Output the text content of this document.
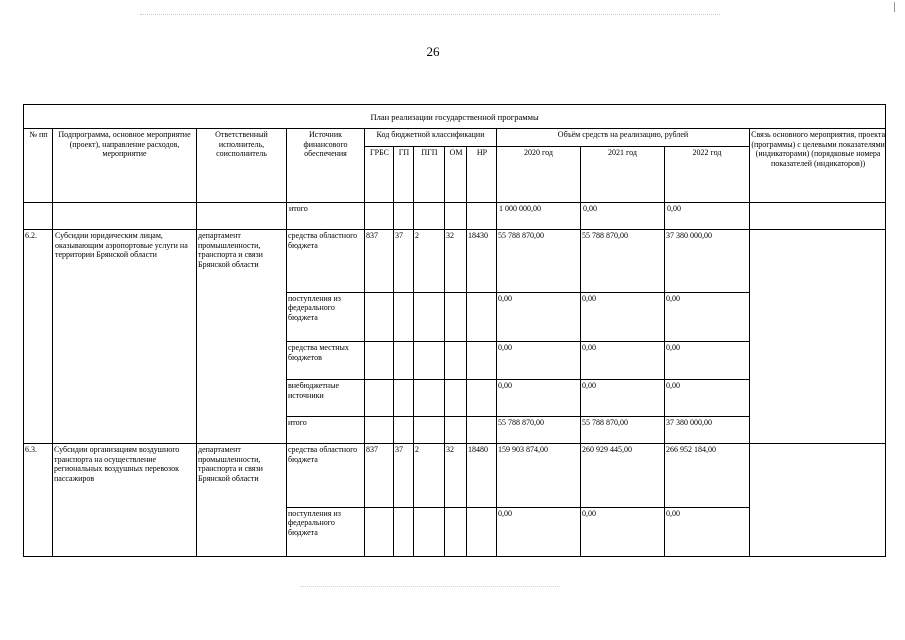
26
План реализации государственной программы												
№ пп	Подпрограмма, основное мероприятие (проект), направление расходов, мероприятие	Ответственный исполнитель, соисполнитель	Источник финансового обеспечения	Код бюджетной классификации					Объём средств на реализацию, рублей			Связь основного мероприятия, проекта (программы) с целевыми показателями (индикаторами) (порядковые номера показателей (индикаторов))
				ГРБС	ГП	ПГП	ОМ	НР	2020 год	2021 год	2022 год	
			итого						1 000 000,00	0,00	0,00	
6.2.	Субсидии юридическим лицам, оказывающим аэропортовые услуги на территории Брянской области	департамент промышленности, транспорта и связи Брянской области	средства областного бюджета	837	37	2	32	18430	55 788 870,00	55 788 870,00	37 380 000,00	
			поступления из федерального бюджета						0,00	0,00	0,00	
			средства местных бюджетов						0,00	0,00	0,00	
			внебюджетные источники						0,00	0,00	0,00	
			итого						55 788 870,00	55 788 870,00	37 380 000,00	
6.3.	Субсидии организациям воздушного транспорта на осуществление региональных воздушных перевозок пассажиров	департамент промышленности, транспорта и связи Брянской области	средства областного бюджета	837	37	2	32	18480	159 903 874,00	260 929 445,00	266 952 184,00	
			поступления из федерального бюджета						0,00	0,00	0,00	
